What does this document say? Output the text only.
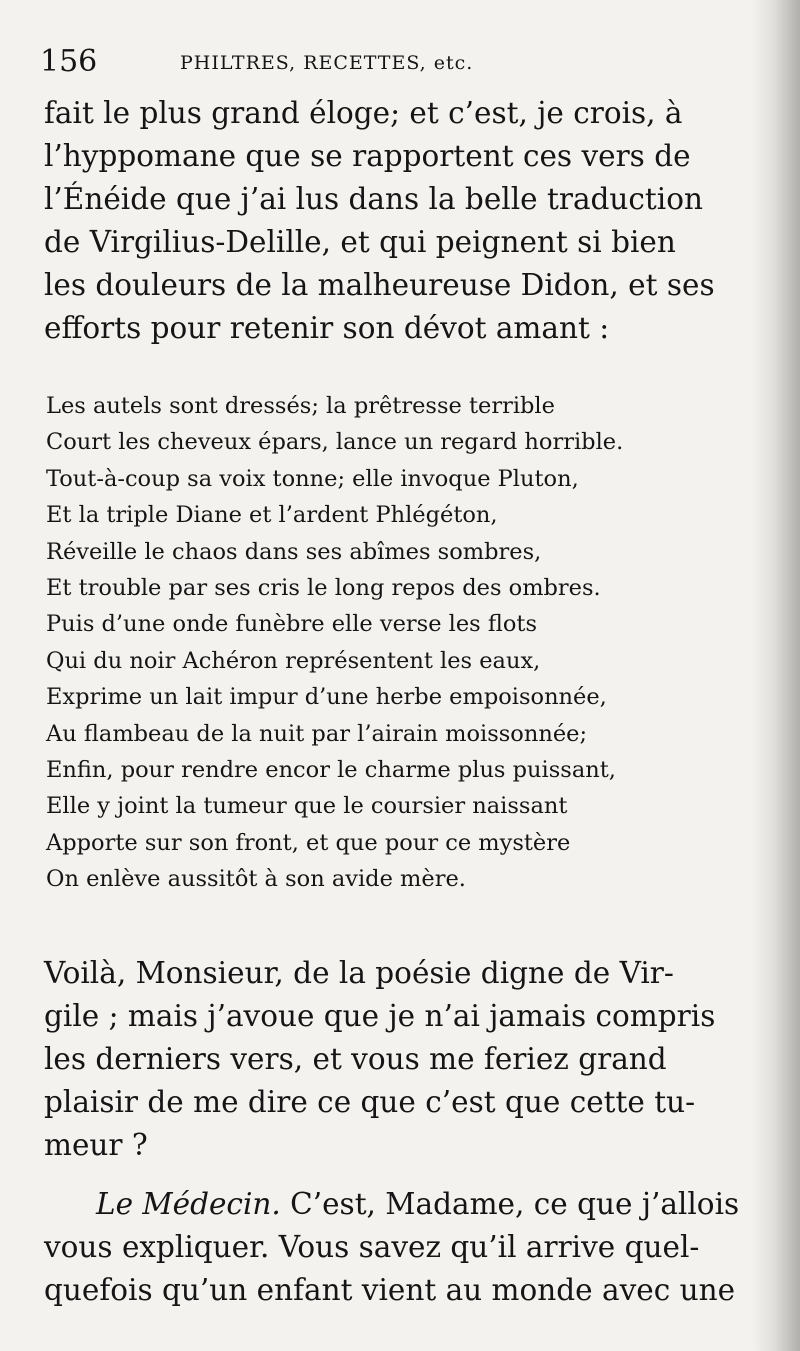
156	PHILTRES, RECETTES, etc.
fait le plus grand éloge; et c’est, je crois, à
l’hyppomane que se rapportent ces vers de
l’Énéide que j’ai lus dans la belle traduction
de Virgilius-Delille, et qui peignent si bien
les douleurs de la malheureuse Didon, et ses
efforts pour retenir son dévot amant :
Les autels sont dressés; la prêtresse terrible
Court les cheveux épars, lance un regard horrible.
Tout-à-coup sa voix tonne; elle invoque Pluton,
Et la triple Diane et l’ardent Phlégéton,
Réveille le chaos dans ses abîmes sombres,
Et trouble par ses cris le long repos des ombres.
Puis d’une onde funèbre elle verse les flots
Qui du noir Achéron représentent les eaux,
Exprime un lait impur d’une herbe empoisonnée,
Au flambeau de la nuit par l’airain moissonnée;
Enfin, pour rendre encor le charme plus puissant,
Elle y joint la tumeur que le coursier naissant
Apporte sur son front, et que pour ce mystère
On enlève aussitôt à son avide mère.
Voilà, Monsieur, de la poésie digne de Vir-
gile ; mais j’avoue que je n’ai jamais compris
les derniers vers, et vous me feriez grand
plaisir de me dire ce que c’est que cette tu-
meur ?
Le Médecin. C’est, Madame, ce que j’allois
vous expliquer. Vous savez qu’il arrive quel-
quefois qu’un enfant vient au monde avec une
